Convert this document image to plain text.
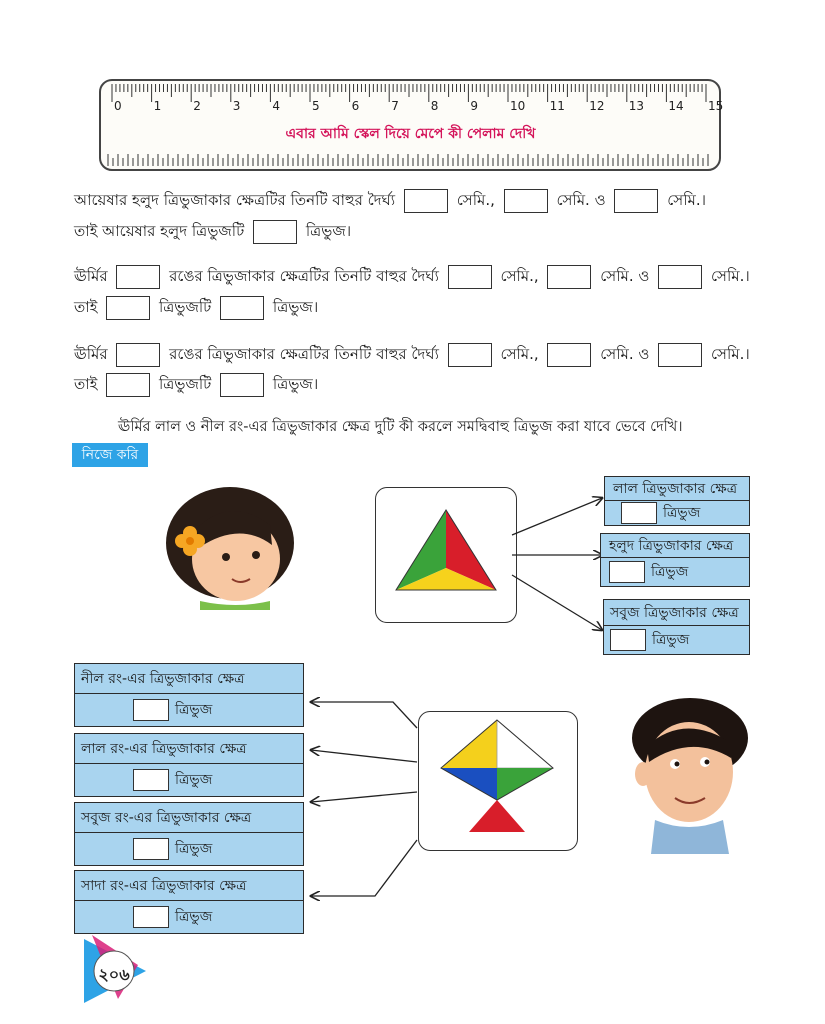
0	1	2	3	4	5	6	7	8	9	10 11 12 13 14 15
এবার আমি স্কেল দিয়ে মেপে কী পেলাম দেখি
আয়েষার হলুদ ত্রিভুজাকার ক্ষেত্রটির তিনটি বাহুর দৈর্ঘ্য	সেমি.,	সেমি. ও	সেমি.।
তাই আয়েষার হলুদ ত্রিভুজটি	ত্রিভুজ।
ঊর্মির	রঙের ত্রিভুজাকার ক্ষেত্রটির তিনটি বাহুর দৈর্ঘ্য	সেমি.,	সেমি. ও	সেমি.।
তাই	ত্রিভুজটি	ত্রিভুজ।
ঊর্মির	রঙের ত্রিভুজাকার ক্ষেত্রটির তিনটি বাহুর দৈর্ঘ্য	সেমি.,	সেমি. ও	সেমি.।
তাই	ত্রিভুজটি	ত্রিভুজ।
ঊর্মির লাল ও নীল রং-এর ত্রিভুজাকার ক্ষেত্র দুটি কী করলে সমদ্বিবাহু ত্রিভুজ করা যাবে ভেবে দেখি।
নিজে করি
লাল ত্রিভুজাকার ক্ষেত্র
ত্রিভুজ
হলুদ ত্রিভুজাকার ক্ষেত্র
ত্রিভুজ
সবুজ ত্রিভুজাকার ক্ষেত্র
ত্রিভুজ
নীল রং-এর ত্রিভুজাকার ক্ষেত্র
ত্রিভুজ
লাল রং-এর ত্রিভুজাকার ক্ষেত্র
ত্রিভুজ
সবুজ রং-এর ত্রিভুজাকার ক্ষেত্র
ত্রিভুজ
সাদা রং-এর ত্রিভুজাকার ক্ষেত্র
ত্রিভুজ
২০৬
